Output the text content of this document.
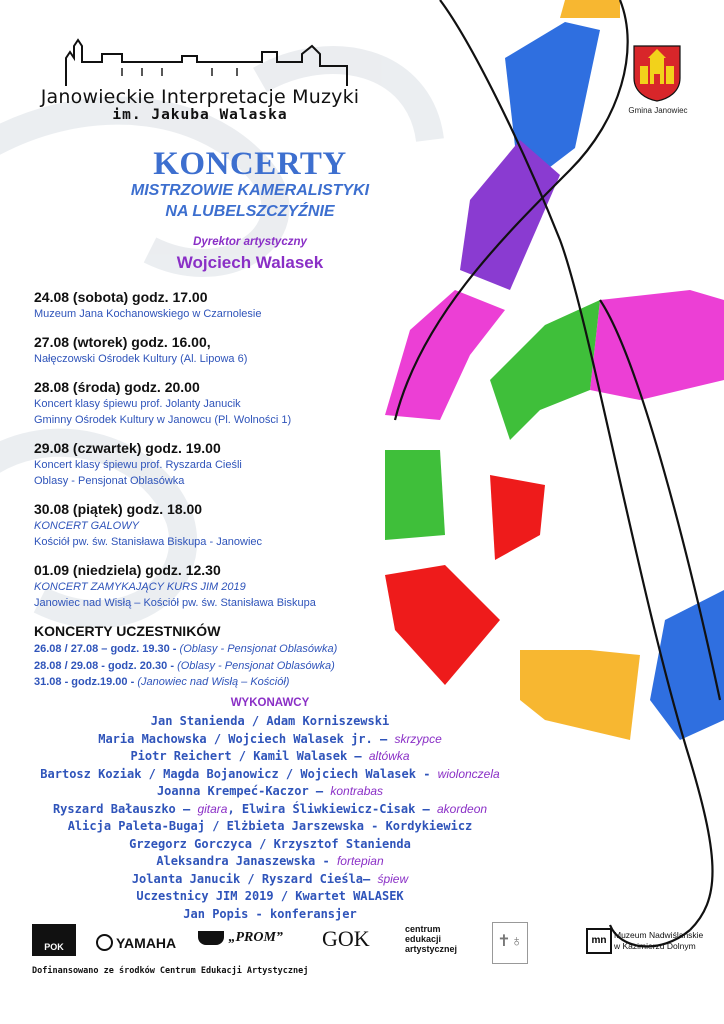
Janowieckie Interpretacje Muzyki
im. Jakuba Walaska	Gmina Janowiec
KONCERTY
MISTRZOWIE KAMERALISTYKI
NA LUBELSZCZYŹNIE
Dyrektor artystyczny
Wojciech Walasek
24.08 (sobota) godz. 17.00
Muzeum Jana Kochanowskiego w Czarnolesie
27.08 (wtorek) godz. 16.00,
Nałęczowski Ośrodek Kultury (Al. Lipowa 6)
28.08 (środa) godz. 20.00
Koncert klasy śpiewu prof. Jolanty Janucik
Gminny Ośrodek Kultury w Janowcu (Pl. Wolności 1)
29.08 (czwartek) godz. 19.00
Koncert klasy śpiewu prof. Ryszarda Cieśli
Oblasy - Pensjonat Oblasówka
30.08 (piątek) godz. 18.00
KONCERT GALOWY
Kościół pw. św. Stanisława Biskupa - Janowiec
01.09 (niedziela) godz. 12.30
KONCERT ZAMYKAJĄCY KURS JIM 2019
Janowiec nad Wisłą – Kościół pw. św. Stanisława Biskupa
KONCERTY UCZESTNIKÓW
26.08 / 27.08 – godz. 19.30 - (Oblasy - Pensjonat Oblasówka)
28.08 / 29.08 - godz. 20.30 - (Oblasy - Pensjonat Oblasówka)
31.08 - godz.19.00 - (Janowiec nad Wisłą – Kościół)
WYKONAWCY
Jan Stanienda / Adam Korniszewski
Maria Machowska / Wojciech Walasek jr. – skrzypce
Piotr Reichert / Kamil Walasek – altówka
Bartosz Koziak / Magda Bojanowicz / Wojciech Walasek - wiolonczela
Joanna Krempeć-Kaczor – kontrabas
Ryszard Bałauszko – gitara, Elwira Śliwkiewicz-Cisak – akordeon
Alicja Paleta-Bugaj / Elżbieta Jarszewska - Kordykiewicz
Grzegorz Gorczyca / Krzysztof Stanienda
Aleksandra Janaszewska - fortepian
Jolanta Janucik / Ryszard Cieśla– śpiew
Uczestnicy JIM 2019 / Kwartet WALASEK
Jan Popis - konferansjer
POK	YAMAHA	„PROM” GOK	centrum
edukacji
artystycznej	✝♁	mn Muzeum Nadwiślańskie
w Kazimierzu Dolnym
Dofinansowano ze środków Centrum Edukacji Artystycznej
